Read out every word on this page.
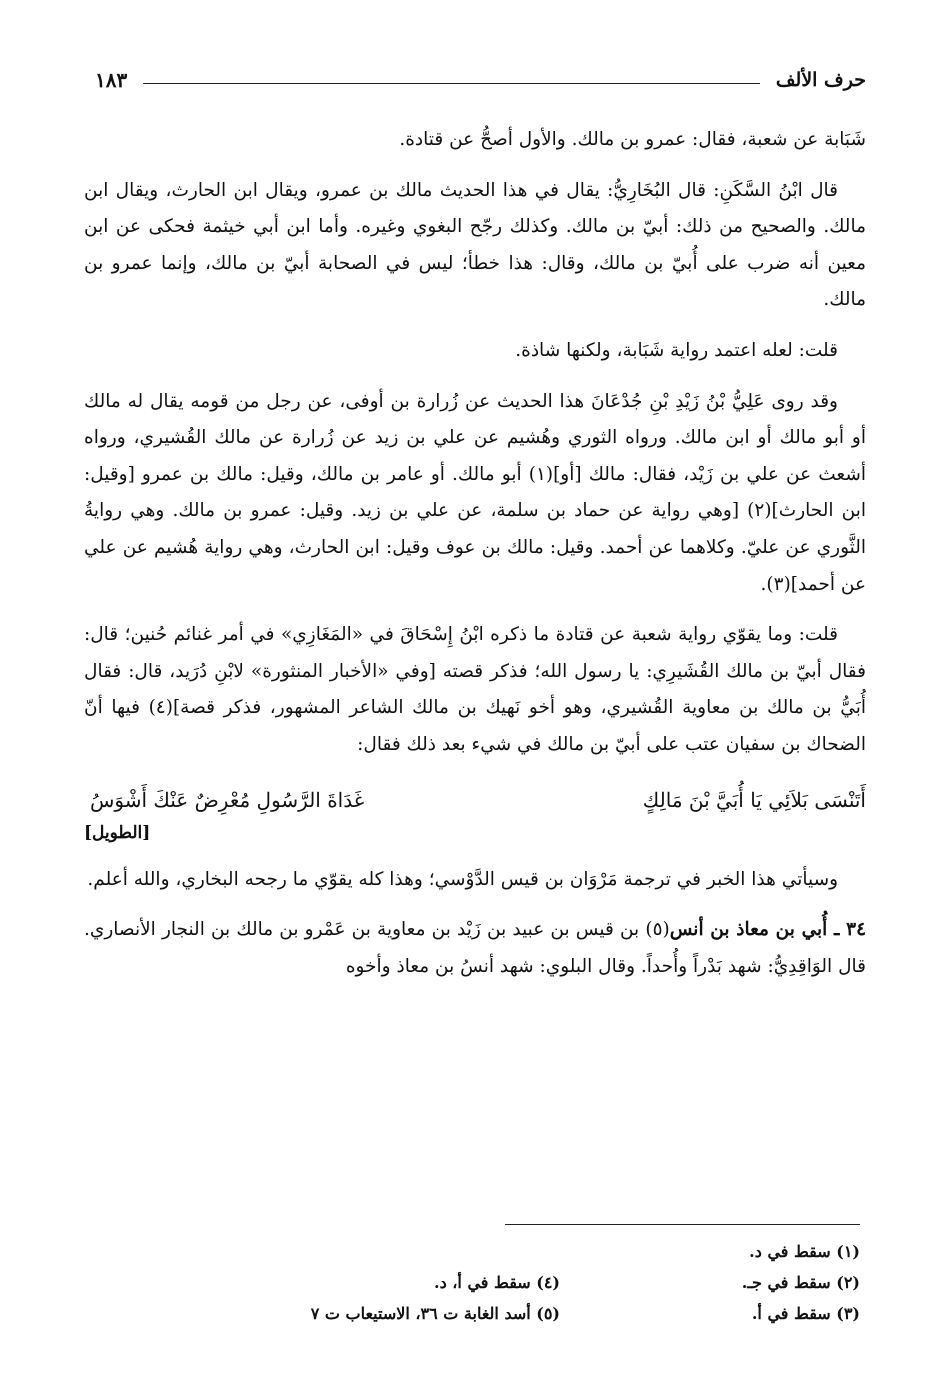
حرف الألف
١٨٣

شَبَابة عن شعبة، فقال: عمرو بن مالك. والأول أصحُّ عن قتادة.

قال ابْنُ السَّكَنِ: قال البُخَارِيُّ: يقال في هذا الحديث مالك بن عمرو، ويقال ابن الحارث، ويقال ابن مالك. والصحيح من ذلك: أبيّ بن مالك. وكذلك رجّح البغوي وغيره. وأما ابن أبي خيثمة فحكى عن ابن معين أنه ضرب على أُبيّ بن مالك، وقال: هذا خطأ؛ ليس في الصحابة أبيّ بن مالك، وإنما عمرو بن مالك.

قلت: لعله اعتمد رواية شَبَابة، ولكنها شاذة.

وقد روى عَلِيُّ بْنُ زَيْدِ بْنِ جُدْعَانَ هذا الحديث عن زُرارة بن أوفى، عن رجل من قومه يقال له مالك أو أبو مالك أو ابن مالك. ورواه الثوري وهُشيم عن علي بن زيد عن زُرارة عن مالك القُشيري، ورواه أشعث عن علي بن زَيْد، فقال: مالك [أو](١) أبو مالك. أو عامر بن مالك، وقيل: مالك بن عمرو [وقيل: ابن الحارث](٢) [وهي رواية عن حماد بن سلمة، عن علي بن زيد. وقيل: عمرو بن مالك. وهي روايةُ الثَّوري عن عليّ. وكلاهما عن أحمد. وقيل: مالك بن عوف وقيل: ابن الحارث، وهي رواية هُشيم عن علي عن أحمد](٣).

قلت: وما يقوّي رواية شعبة عن قتادة ما ذكره ابْنُ إِسْحَاقَ في «المَغَازِي» في أمر غنائم حُنين؛ قال: فقال أبيّ بن مالك القُشَيرِي: يا رسول الله؛ فذكر قصته [وفي «الأخبار المنثورة» لابْنِ دُرَيد، قال: فقال أُبَيُّ بن مالك بن معاوية القُشيري، وهو أخو نَهيك بن مالك الشاعر المشهور، فذكر قصة](٤) فيها أنّ الضحاك بن سفيان عتب على أبيّ بن مالك في شيء بعد ذلك فقال:

أَتَنْسَى بَلاَئِي يَا أُبَيَّ بْنَ مَالِكٍ
غَدَاةَ الرَّسُولِ مُعْرِضٌ عَنْكَ أَشْوَسُ
[الطويل]

وسيأتي هذا الخبر في ترجمة مَرْوَان بن قيس الدَّوْسي؛ وهذا كله يقوّي ما رجحه البخاري، والله أعلم.

٣٤ ـ أُبي بن معاذ بن أنس(٥) بن قيس بن عبيد بن زَيْد بن معاوية بن عَمْرو بن مالك بن النجار الأنصاري. قال الوَاقِدِيُّ: شهد بَدْراً وأُحداً. وقال البلوي: شهد أنسُ بن معاذ وأخوه

(١) سقط في د.
(٢) سقط في جـ.
(٤) سقط في أ، د.
(٣) سقط في أ.
(٥) أسد الغابة ت ٣٦، الاستيعاب ت ٧
